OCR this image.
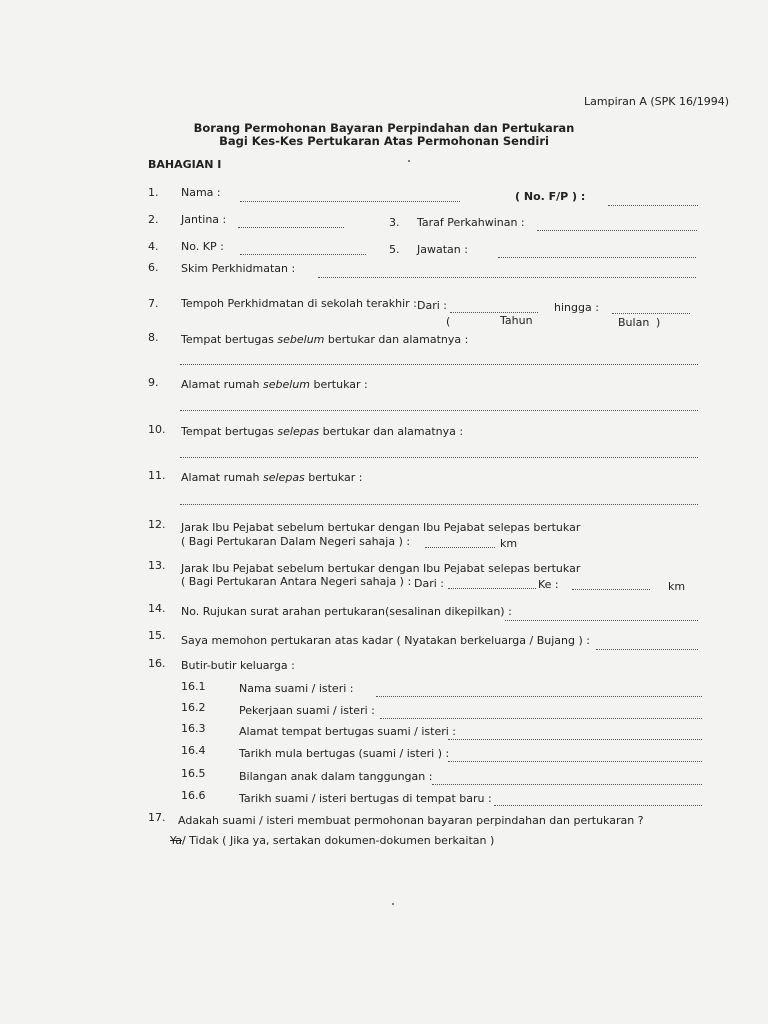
Lampiran A (SPK 16/1994)
Borang Permohonan Bayaran Perpindahan dan Pertukaran
Bagi Kes-Kes Pertukaran Atas Permohonan Sendiri
BAHAGIAN I
1. Nama :	( No. F/P ) :
2. Jantina :	3. Taraf Perkahwinan :
4. No. KP :	5. Jawatan :
6. Skim Perkhidmatan :
7. Tempoh Perkhidmatan di sekolah terakhir : Dari :	hingga :
(	Tahun	Bulan )
8. Tempat bertugas sebelum bertukar dan alamatnya :
9. Alamat rumah sebelum bertukar :
10. Tempat bertugas selepas bertukar dan alamatnya :
11. Alamat rumah selepas bertukar :
12. Jarak Ibu Pejabat sebelum bertukar dengan Ibu Pejabat selepas bertukar
( Bagi Pertukaran Dalam Negeri sahaja ) :	km
13. Jarak Ibu Pejabat sebelum bertukar dengan Ibu Pejabat selepas bertukar
( Bagi Pertukaran Antara Negeri sahaja ) : Dari :	Ke :	km
14. No. Rujukan surat arahan pertukaran(sesalinan dikepilkan) :
15. Saya memohon pertukaran atas kadar ( Nyatakan berkeluarga / Bujang ) :
16. Butir-butir keluarga :
16.1	Nama suami / isteri :
16.2	Pekerjaan suami / isteri :
16.3	Alamat tempat bertugas suami / isteri :
16.4	Tarikh mula bertugas (suami / isteri ) :
16.5	Bilangan anak dalam tanggungan :
16.6	Tarikh suami / isteri bertugas di tempat baru :
17. Adakah suami / isteri membuat permohonan bayaran perpindahan dan pertukaran ?
Ya/ Tidak ( Jika ya, sertakan dokumen-dokumen berkaitan )
